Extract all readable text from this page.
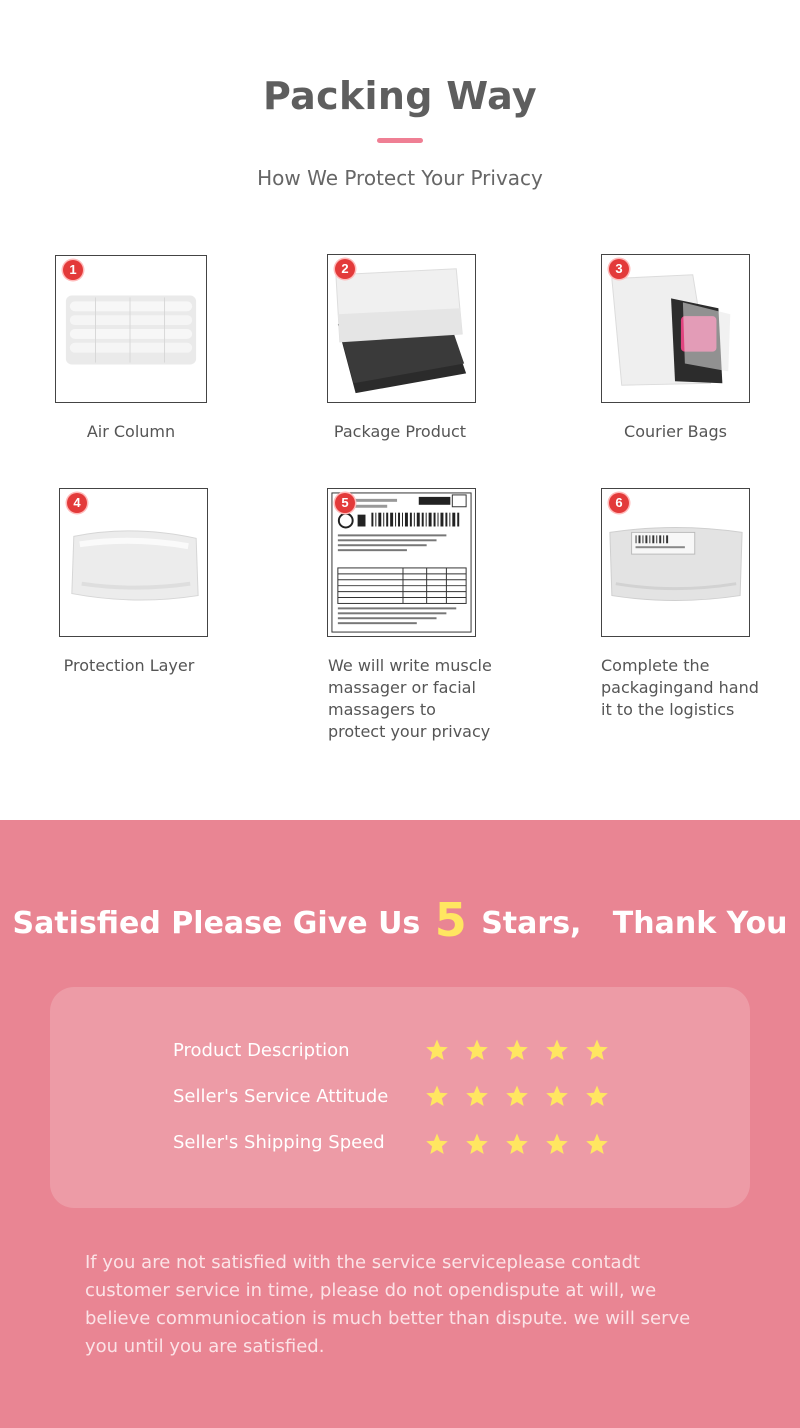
Packing Way
How We Protect Your Privacy
1
Air Column
2
Package Product
3
Courier Bags
4
Protection Layer
5
We will write muscle massager or facial massagers to protect your privacy
6
Complete the packagingand hand it to the logistics
Satisfied Please Give Us 5 Stars,   Thank You
Product Description
Seller's Service Attitude
Seller's Shipping Speed
If you are not satisfied with the service serviceplease contadt customer service in time, please do not opendispute at will, we believe communiocation is much better than dispute. we will serve you until you are satisfied.
